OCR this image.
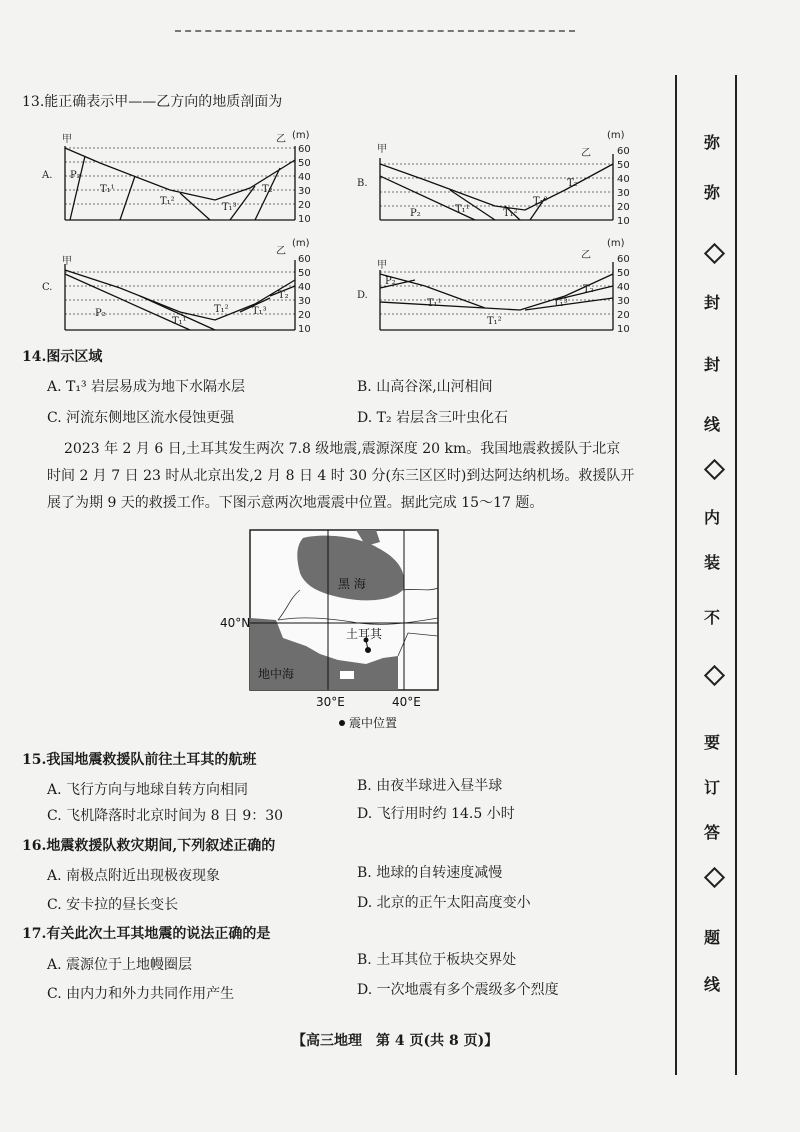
13.能正确表示甲——乙方向的地质剖面为
A.
甲	乙 (m)
60
50
40
30
20
10
P₂
T₁¹
T₁²
T₁³
T₂
B.
甲	乙
(m)
60
50
40
30
20
10
P₂	T₁¹	T₁²
T₁³
T₂
C.
甲
乙
(m)
60
50
40
30
20
10
P₂
T₁¹
T₁² T₁³
T₂	D.
甲
乙
(m)
60
50
40
30
20
10
P₂
T₁¹
T₁²
T₁³
T₂
14.图示区域
A. T₁³ 岩层易成为地下水隔水层	B. 山高谷深,山河相间
C. 河流东侧地区流水侵蚀更强	D. T₂ 岩层含三叶虫化石
2023 年 2 月 6 日,土耳其发生两次 7.8 级地震,震源深度 20 km。我国地震救援队于北京
时间 2 月 7 日 23 时从北京出发,2 月 8 日 4 时 30 分(东三区区时)到达阿达纳机场。救援队开
展了为期 9 天的救援工作。下图示意两次地震震中位置。据此完成 15～17 题。
黑 海
土耳其
地中海
40°N
30°E	40°E
震中位置
15.我国地震救援队前往土耳其的航班
A. 飞行方向与地球自转方向相同	B. 由夜半球进入昼半球
C. 飞机降落时北京时间为 8 日 9：30	D. 飞行用时约 14.5 小时
16.地震救援队救灾期间,下列叙述正确的
A. 南极点附近出现极夜现象	B. 地球的自转速度减慢
C. 安卡拉的昼长变长	D. 北京的正午太阳高度变小
17.有关此次土耳其地震的说法正确的是
A. 震源位于上地幔圈层	B. 土耳其位于板块交界处
C. 由内力和外力共同作用产生	D. 一次地震有多个震级多个烈度
【高三地理　第 4 页(共 8 页)】
弥
弥
封
封
线
内
装
不
要
订
答
题
线
